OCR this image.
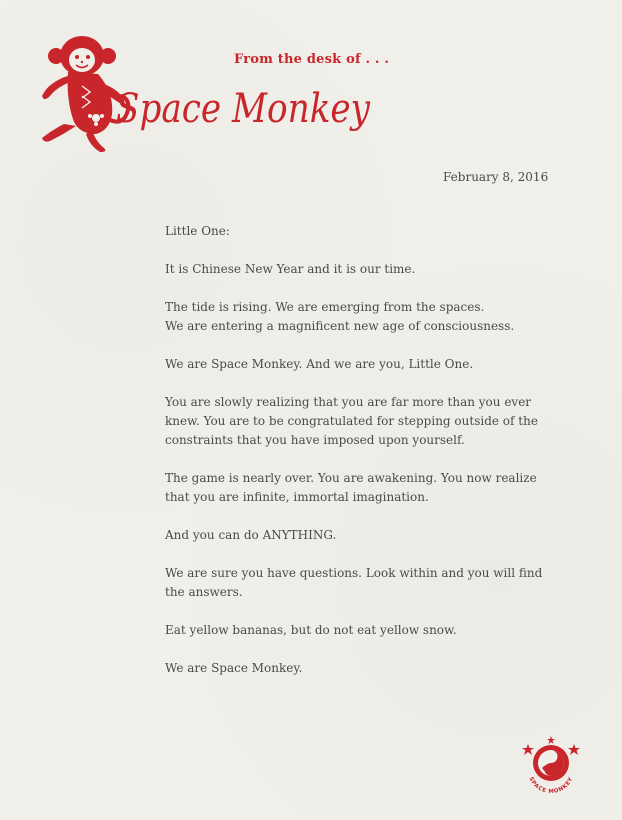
From the desk of . . .
Space Monkey
February 8, 2016

Little One:

It is Chinese New Year and it is our time.

The tide is rising. We are emerging from the spaces.
We are entering a magnificent new age of consciousness.

We are Space Monkey. And we are you, Little One.

You are slowly realizing that you are far more than you ever
knew. You are to be congratulated for stepping outside of the
constraints that you have imposed upon yourself.

The game is nearly over. You are awakening. You now realize
that you are infinite, immortal imagination.

And you can do ANYTHING.

We are sure you have questions. Look within and you will find
the answers.

Eat yellow bananas, but do not eat yellow snow.

We are Space Monkey.

SPACE MONKEY
